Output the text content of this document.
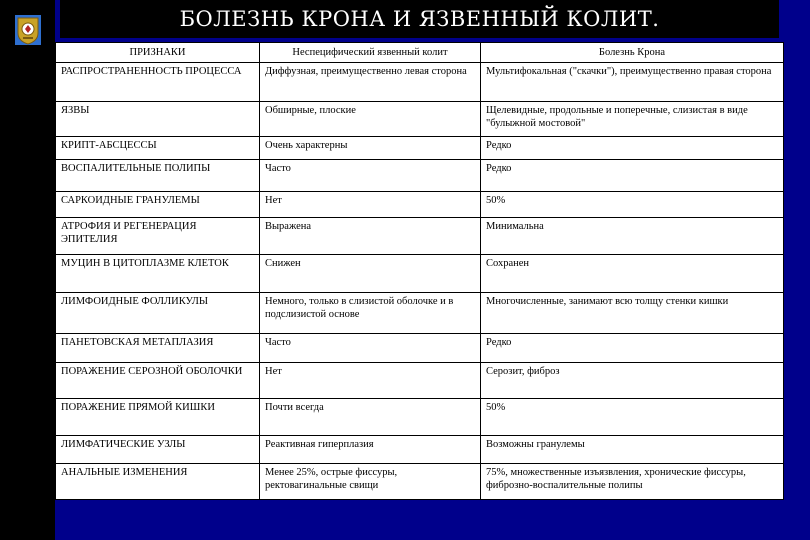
БОЛЕЗНЬ КРОНА И ЯЗВЕННЫЙ КОЛИТ.
ПРИЗНАКИ	Неспецифический язвенный колит	Болезнь Крона
РАСПРОСТРАНЕННОСТЬ ПРОЦЕССА	Диффузная, преимущественно левая сторона	Мультифокальная ("скачки"), преимущественно правая сторона
ЯЗВЫ	Обширные, плоские	Щелевидные, продольные и поперечные, слизистая в виде "булыжной мостовой"
КРИПТ-АБСЦЕССЫ	Очень характерны	Редко
ВОСПАЛИТЕЛЬНЫЕ ПОЛИПЫ	Часто	Редко
САРКОИДНЫЕ ГРАНУЛЕМЫ	Нет	50%
АТРОФИЯ И РЕГЕНЕРАЦИЯ ЭПИТЕЛИЯ	Выражена	Минимальна
МУЦИН В ЦИТОПЛАЗМЕ КЛЕТОК	Снижен	Сохранен
ЛИМФОИДНЫЕ ФОЛЛИКУЛЫ	Немного, только в слизистой оболочке и в подслизистой основе	Многочисленные, занимают всю толщу стенки кишки
ПАНЕТОВСКАЯ МЕТАПЛАЗИЯ	Часто	Редко
ПОРАЖЕНИЕ СЕРОЗНОЙ ОБОЛОЧКИ	Нет	Серозит, фиброз
ПОРАЖЕНИЕ ПРЯМОЙ КИШКИ	Почти всегда	50%
ЛИМФАТИЧЕСКИЕ УЗЛЫ	Реактивная гиперплазия	Возможны гранулемы
АНАЛЬНЫЕ ИЗМЕНЕНИЯ	Менее 25%, острые фиссуры, ректовагинальные свищи	75%, множественные изъязвления, хронические фиссуры, фиброзно-воспалительные полипы
